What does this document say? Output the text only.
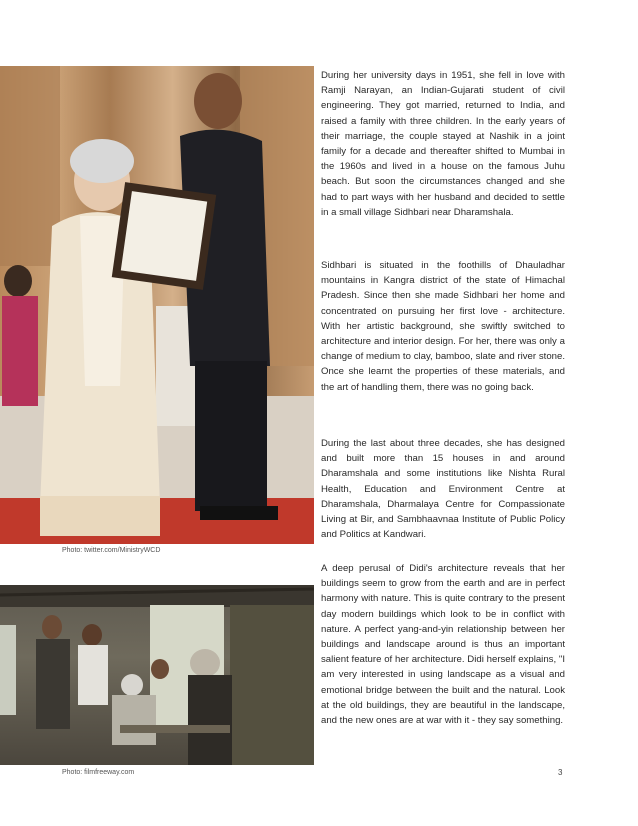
Photo: twitter.com/MinistryWCD
Photo: filmfreeway.com

During her university days in 1951, she fell in love with Ramji Narayan, an Indian-Gujarati student of civil engineering. They got married, returned to India, and raised a family with three children. In the early years of their marriage, the couple stayed at Nashik in a joint family for a decade and thereafter shifted to Mumbai in the 1960s and lived in a house on the famous Juhu beach. But soon the circumstances changed and she had to part ways with her husband and decided to settle in a small village Sidhbari near Dharamshala.

Sidhbari is situated in the foothills of Dhauladhar mountains in Kangra district of the state of Himachal Pradesh. Since then she made Sidhbari her home and concentrated on pursuing her first love - architecture. With her artistic background, she swiftly switched to architecture and interior design. For her, there was only a change of medium to clay, bamboo, slate and river stone. Once she learnt the properties of these materials, and the art of handling them, there was no going back.

During the last about three decades, she has designed and built more than 15 houses in and around Dharamshala and some institutions like Nishta Rural Health, Education and Environment Centre at Dharamshala, Dharmalaya Centre for Compassionate Living at Bir, and Sambhaavnaa Institute of Public Policy and Politics at Kandwari.

A deep perusal of Didi's architecture reveals that her buildings seem to grow from the earth and are in perfect harmony with nature. This is quite contrary to the present day modern buildings which look to be in conflict with nature. A perfect yang-and-yin relationship between her buildings and landscape around is thus an important salient feature of her architecture. Didi herself explains, "I am very interested in using landscape as a visual and emotional bridge between the built and the natural. Look at the old buildings, they are beautiful in the landscape, and the new ones are at war with it - they say something.

3
